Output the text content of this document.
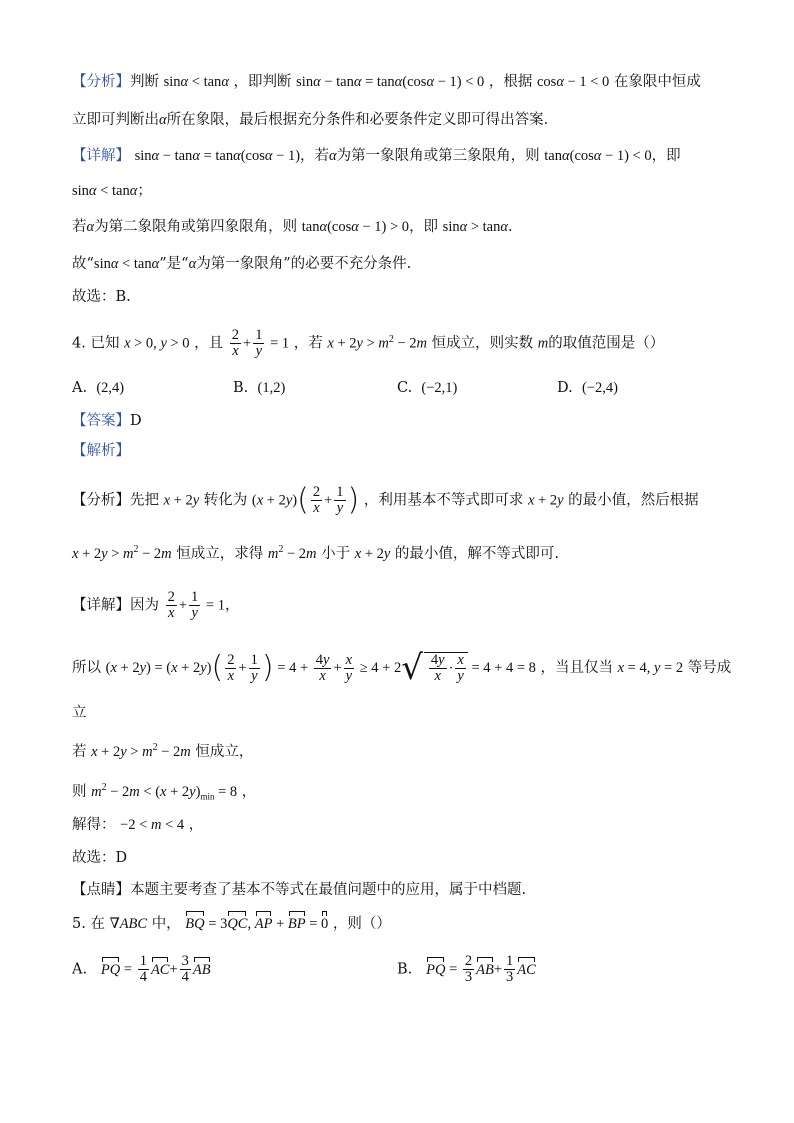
【分析】判断 sinα < tanα ，即判断 sinα − tanα = tanα(cosα − 1) < 0 ，根据 cosα − 1 < 0 在象限中恒成
立即可判断出α所在象限，最后根据充分条件和必要条件定义即可得出答案.
【详解】 sinα − tanα = tanα(cosα − 1)，若α为第一象限角或第三象限角，则 tanα(cosα − 1) < 0，即
sinα < tanα；
若α为第二象限角或第四象限角，则 tanα(cosα − 1) > 0，即 sinα > tanα.
故“sinα < tanα”是“α为第一象限角”的必要不充分条件.
故选：B.
4. 已知 x > 0, y > 0 ，且 $\frac{2}{x} + \frac{1}{y} = 1$ ，若 $x + 2y > m^2 - 2m$ 恒成立，则实数 m的取值范围是（）
A. (2,4)	B. (1,2)	C. (−2,1)	D. (−2,4)
【答案】D
【解析】
【分析】先把 x + 2y 转化为 $(x + 2y)( \frac{2}{x} + \frac{1}{y}$ ) ，利用基本不等式即可求 x + 2y 的最小值，然后根据
$x + 2y > m^2 - 2m$ 恒成立，求得 $m^2 - 2m$ 小于 x + 2y 的最小值，解不等式即可.
【详解】因为 $\frac{2}{x} + \frac{1}{y} = 1$，
所以 $(x + 2y) = (x + 2y)( \frac{2}{x} + \frac{1}{y}$ ) = $4 + \frac{4y}{x} + \frac{x}{y} \ge 4 + 2√ \frac{4y}{x} \cdot \frac{x}{y} = 4 + 4 = 8$ ，当且仅当 x = 4, y = 2 等号成
立
若 $x + 2y > m^2 - 2m$ 恒成立，
则 $m^2 - 2m < (x + 2y)_{min} = 8$ ，
解得： −2 < m < 4 ，
故选：D
【点睛】本题主要考查了基本不等式在最值问题中的应用，属于中档题.
5. 在 ∇ABC 中， BQ = 3QC, AP + BP = 0 ，则（）
A. PQ = $\frac{1}{4} AC+ \frac{3}{4}$ AB	B. PQ = $\frac{2}{3} AB+ \frac{1}{3}$ AC
